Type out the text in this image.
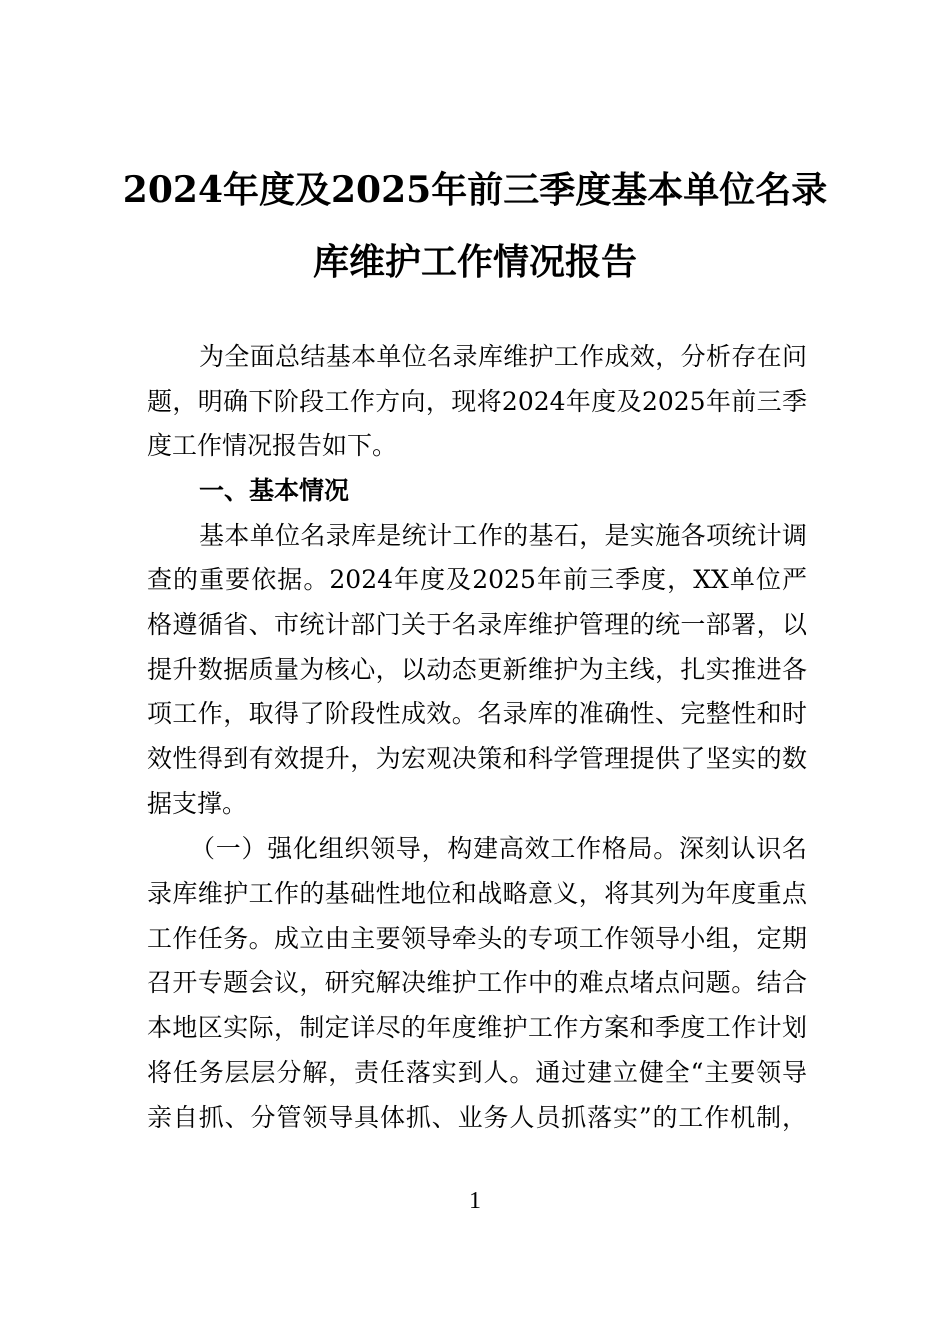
2024年度及2025年前三季度基本单位名录
库维护工作情况报告
为全面总结基本单位名录库维护工作成效，分析存在问
题，明确下阶段工作方向，现将2024年度及2025年前三季
度工作情况报告如下。
一、基本情况
基本单位名录库是统计工作的基石，是实施各项统计调
查的重要依据。2024年度及2025年前三季度，XX单位严
格遵循省、市统计部门关于名录库维护管理的统一部署，以
提升数据质量为核心，以动态更新维护为主线，扎实推进各
项工作，取得了阶段性成效。名录库的准确性、完整性和时
效性得到有效提升，为宏观决策和科学管理提供了坚实的数
据支撑。
（一）强化组织领导，构建高效工作格局。深刻认识名
录库维护工作的基础性地位和战略意义，将其列为年度重点
工作任务。成立由主要领导牵头的专项工作领导小组，定期
召开专题会议，研究解决维护工作中的难点堵点问题。结合
本地区实际，制定详尽的年度维护工作方案和季度工作计划
将任务层层分解，责任落实到人。通过建立健全“主要领导
亲自抓、分管领导具体抓、业务人员抓落实”的工作机制，
1
